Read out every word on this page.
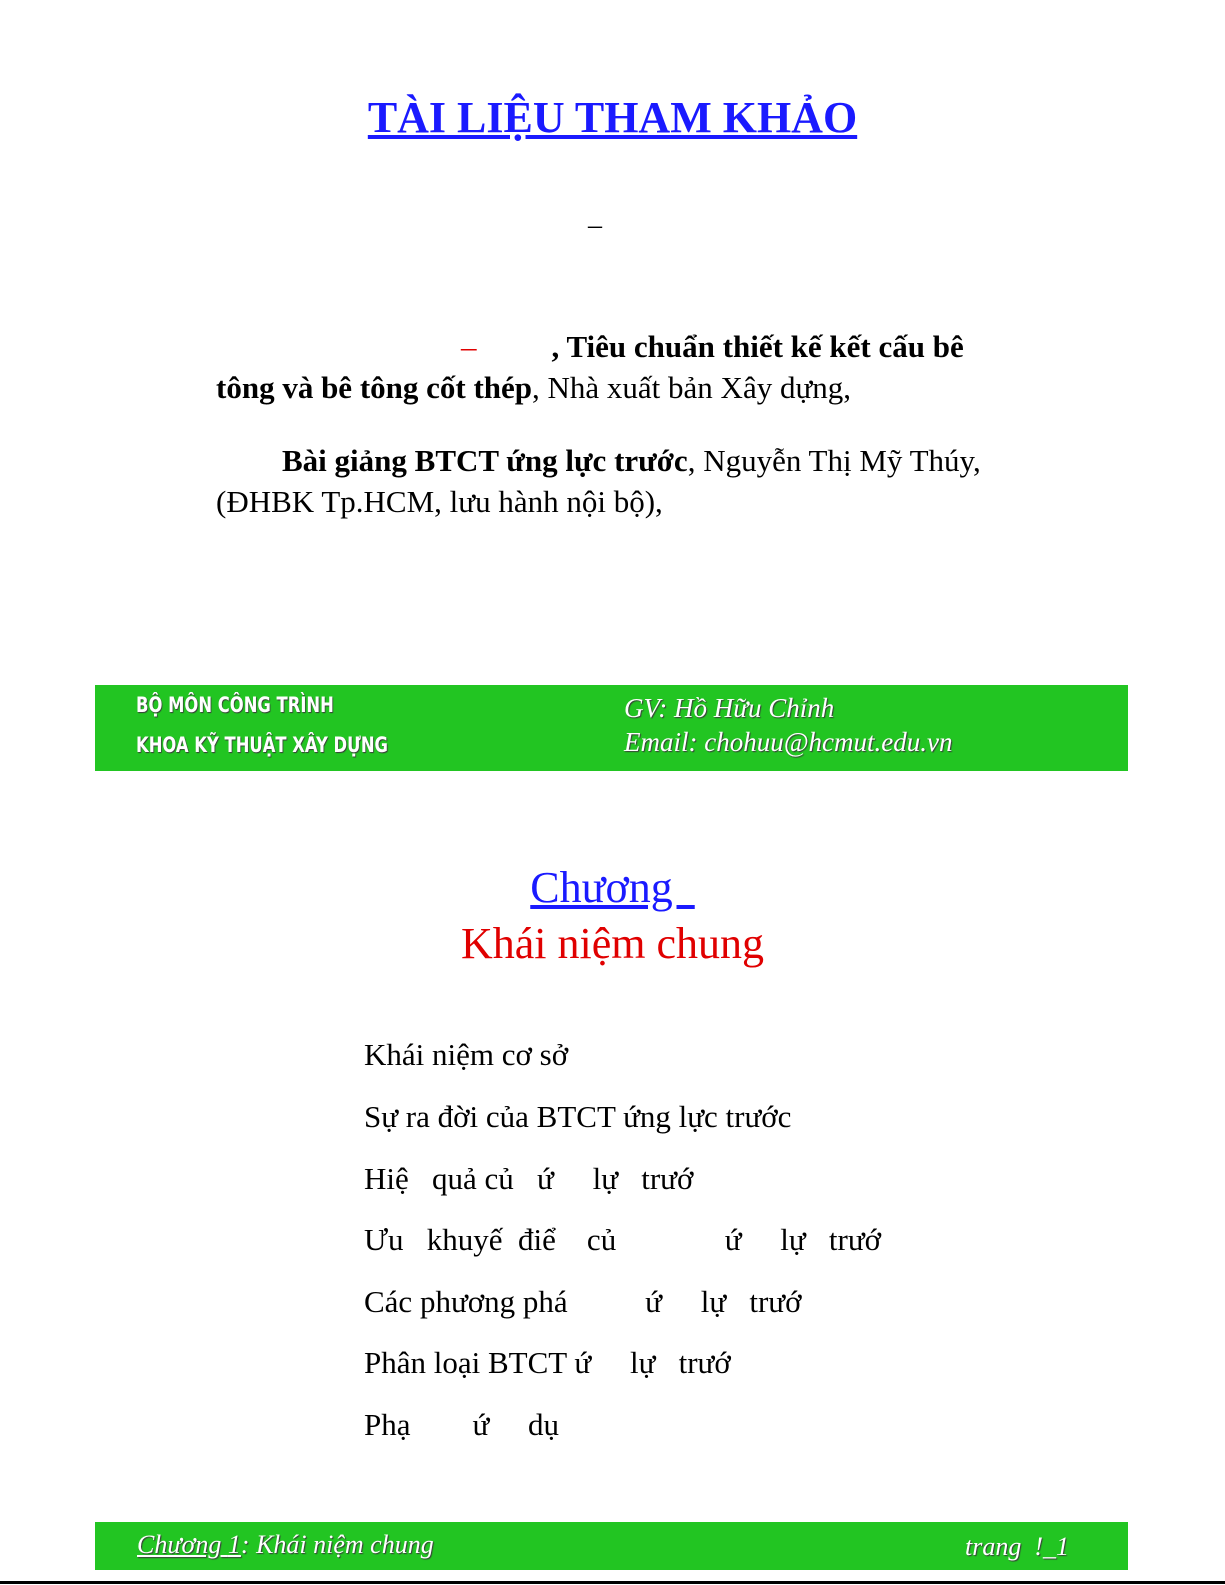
TÀI LIỆU THAM KHẢO
–
– , Tiêu chuẩn thiết kế kết cấu bê
tông và bê tông cốt thép, Nhà xuất bản Xây dựng,
Bài giảng BTCT ứng lực trước, Nguyễn Thị Mỹ Thúy,
(ĐHBK Tp.HCM, lưu hành nội bộ),
BỘ MÔN CÔNG TRÌNH
KHOA KỸ THUẬT XÂY DỰNG
GV: Hồ Hữu Chỉnh
Email: chohuu@hcmut.edu.vn
Chương
Khái niệm chung
Khái niệm cơ sở
Sự ra đời của BTCT ứng lực trước
Hiệ   quả củ   ứ     lự   trướ
Ưu   khuyế  điể    củ              ứ     lự   trướ
Các phương phá          ứ     lự   trướ
Phân loại BTCT ứ     lự   trướ
Phạ        ứ     dụ
Chương 1: Khái niệm chung	trang  !_1
